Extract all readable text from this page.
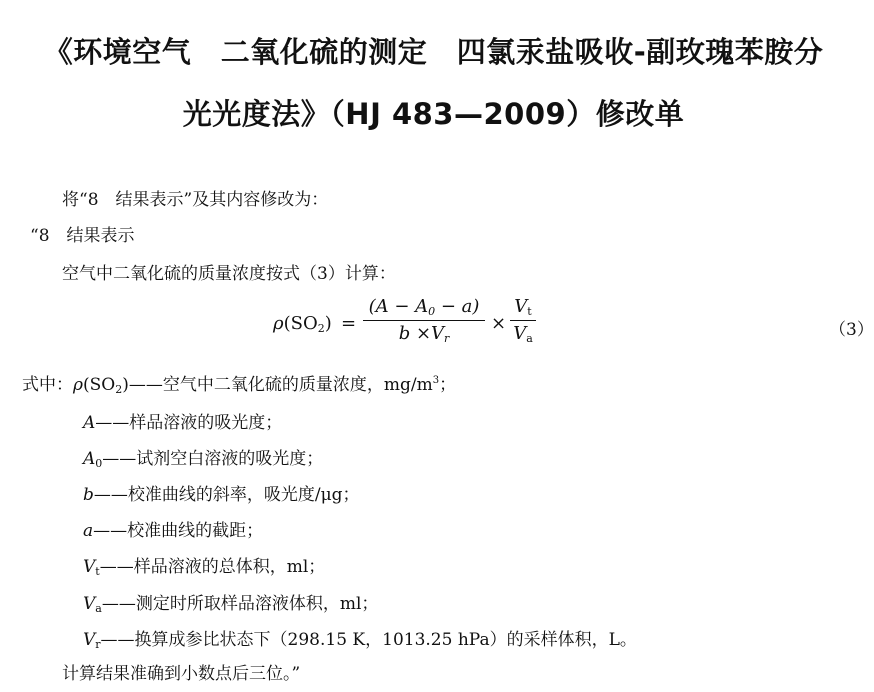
《环境空气　二氧化硫的测定　四氯汞盐吸收-副玫瑰苯胺分
光光度法》（HJ 483—2009）修改单
将“8　结果表示”及其内容修改为：
“8　结果表示
空气中二氧化硫的质量浓度按式（3）计算：
$\rho(SO_2)$ =
$(A - A_0 - a)$
$b \times V_r$
×
$V_t$
$V_a$	（3）
式中：$\rho(SO_2)——$空气中二氧化硫的质量浓度，$mg/m^3$；
A——样品溶液的吸光度；
$A_0——$试剂空白溶液的吸光度；
b——校准曲线的斜率，吸光度/μg；
a——校准曲线的截距；
$V_t——$样品溶液的总体积，ml；
$V_a——$测定时所取样品溶液体积，ml；
$V_r——$换算成参比状态下（298.15 K，1013.25 hPa）的采样体积，L。
计算结果准确到小数点后三位。”
